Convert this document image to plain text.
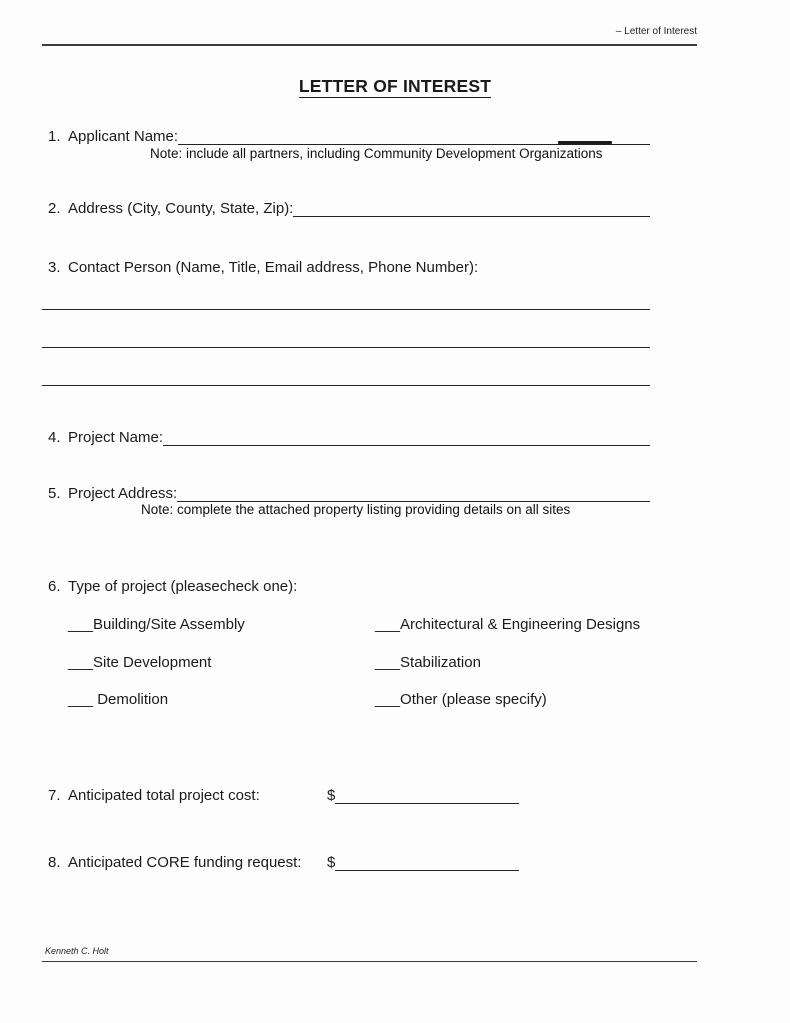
– Letter of Interest
LETTER OF INTEREST
1. Applicant Name:
Note: include all partners, including Community Development Organizations
2. Address (City, County, State, Zip):
3. Contact Person (Name, Title, Email address, Phone Number):
4. Project Name:
5. Project Address:
Note: complete the attached property listing providing details on all sites
6. Type of project (pleasecheck one):
___Building/Site Assembly
___Site Development
___ Demolition
___Architectural & Engineering Designs
___Stabilization
___Other (please specify)
7. Anticipated total project cost:	$
8. Anticipated CORE funding request: $
Kenneth C. Holt
